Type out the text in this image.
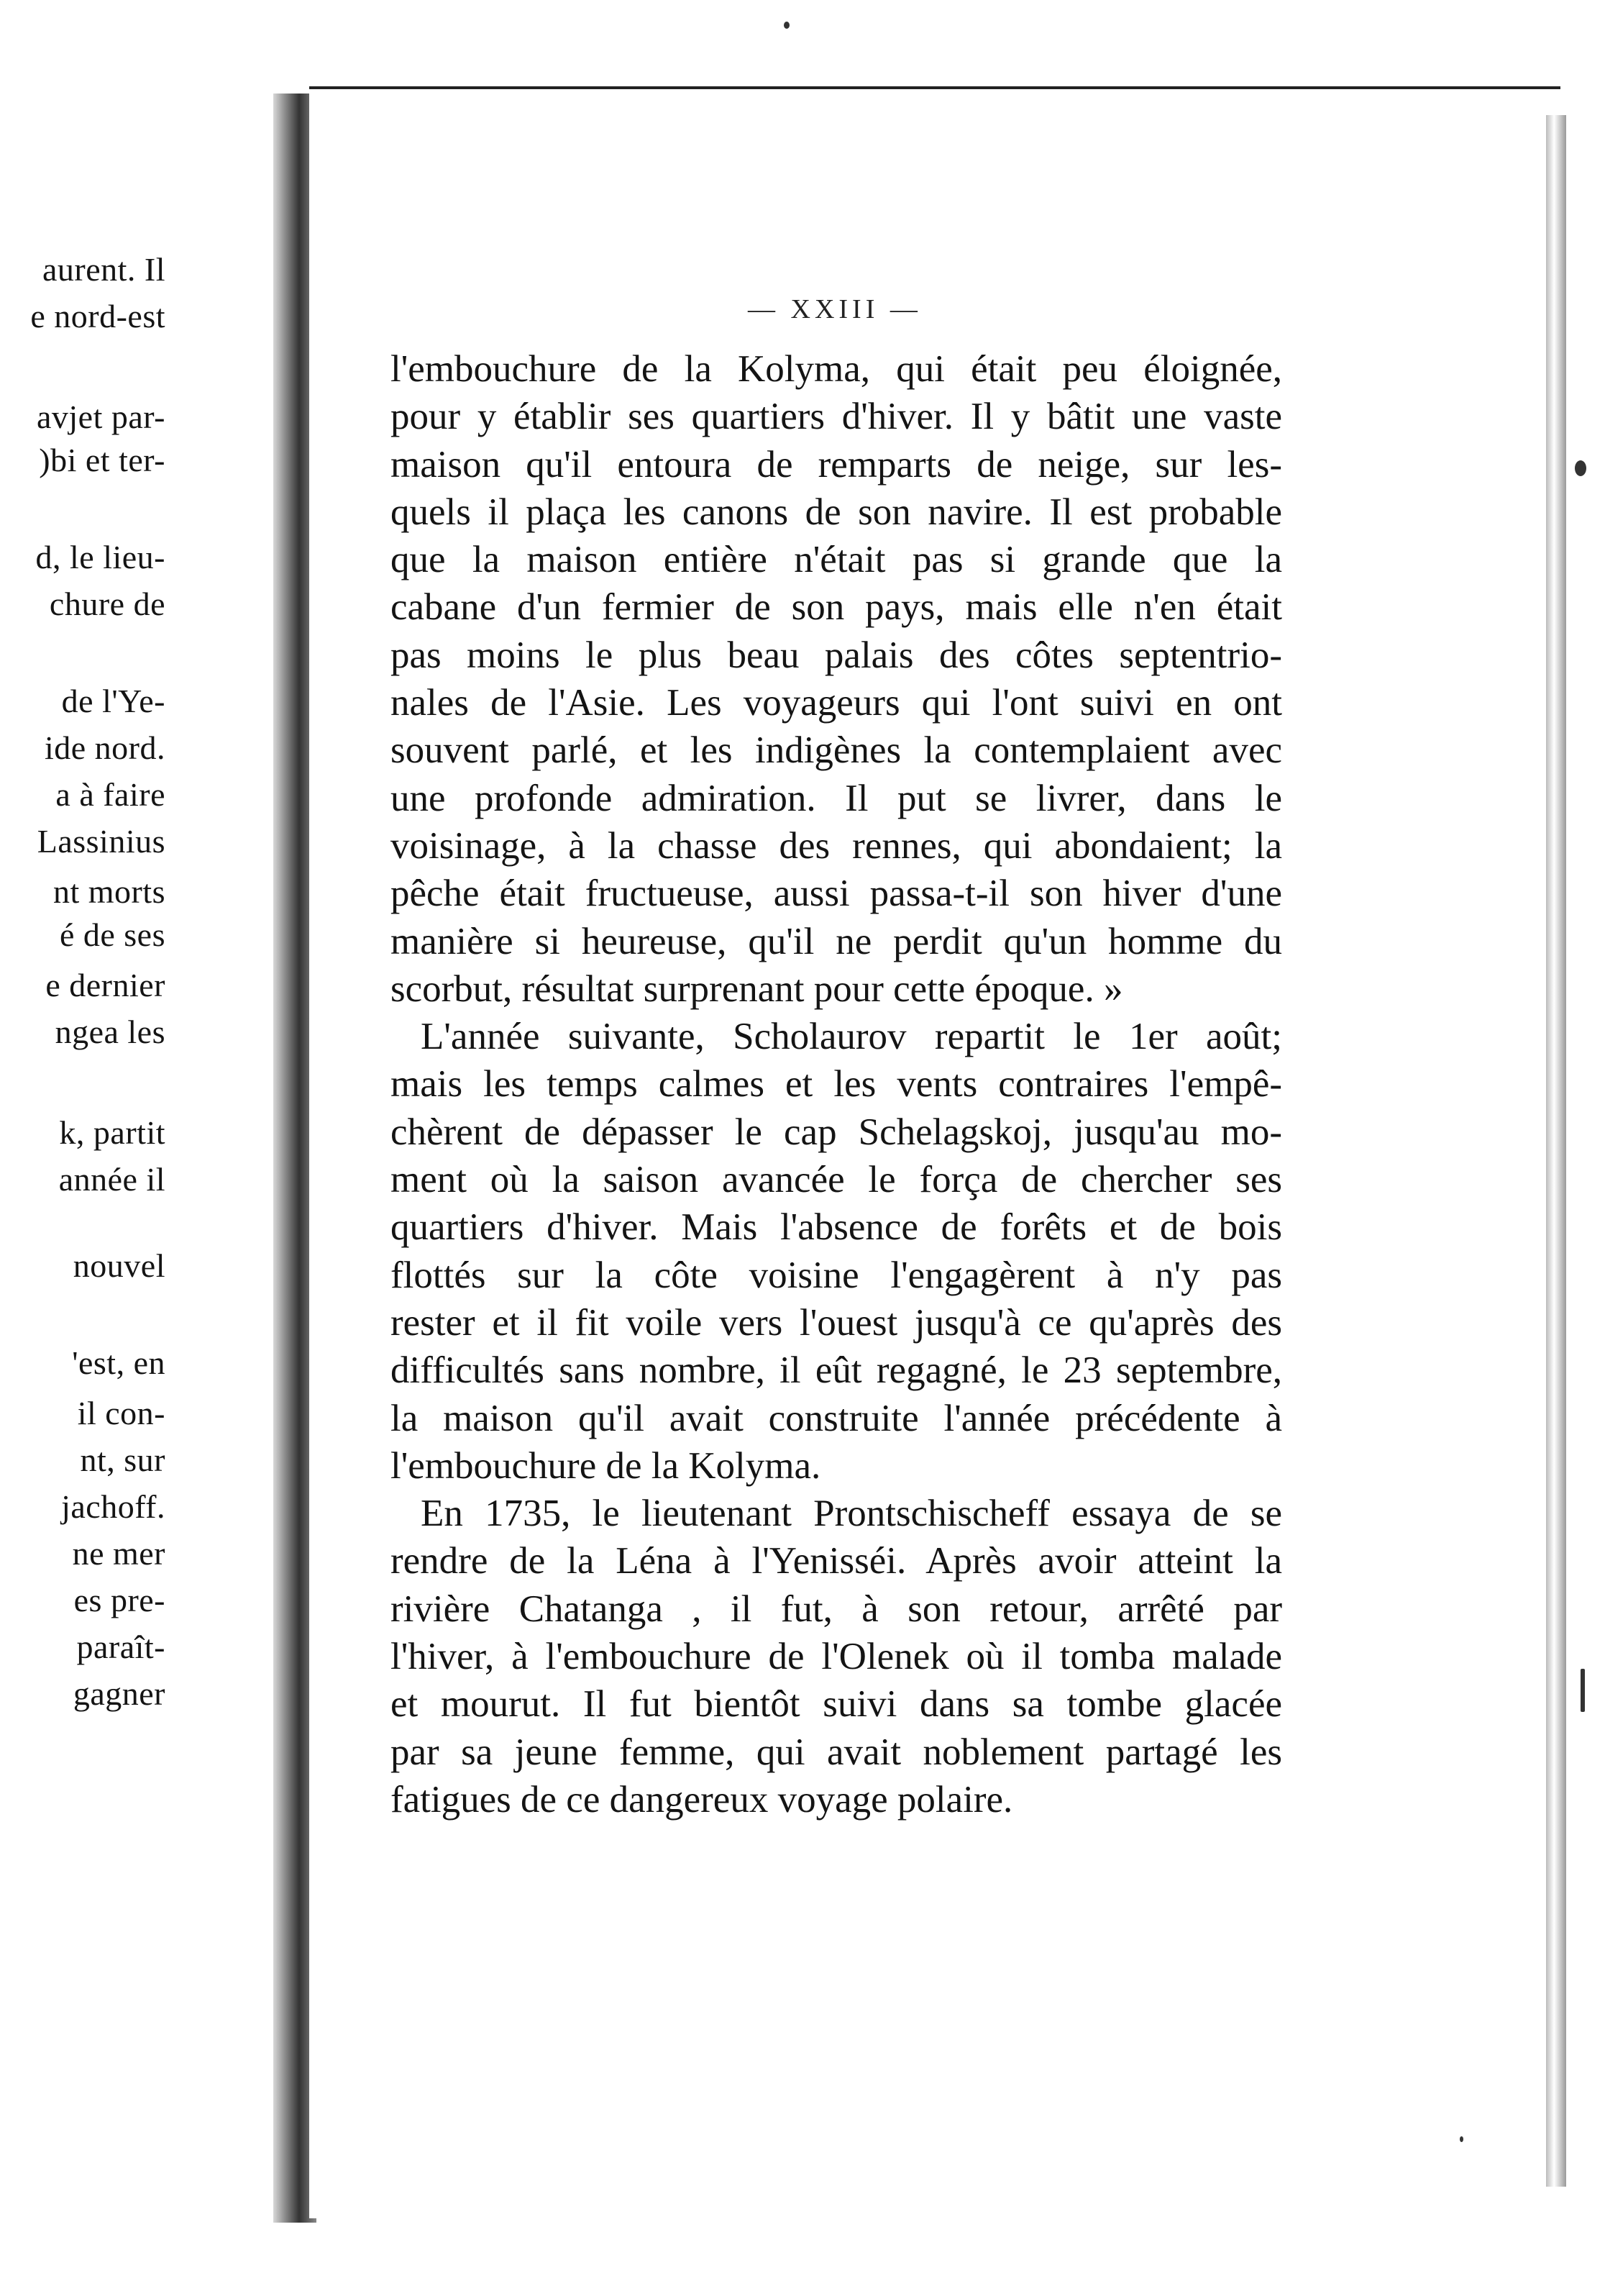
aurent. Il
e nord-est
avjet par-
)bi et ter-
d, le lieu-
chure de
de l'Ye-
ide nord.
a à faire
Lassinius
nt morts
é de ses
e dernier
ngea les
k, partit
année il
nouvel
'est, en
il con-
nt, sur
jachoff.
ne mer
es pre-
paraît-
gagner
— XXIII —
l'embouchure de la Kolyma, qui était peu éloignée,
pour y établir ses quartiers d'hiver. Il y bâtit une vaste
maison qu'il entoura de remparts de neige, sur les-
quels il plaça les canons de son navire. Il est probable
que la maison entière n'était pas si grande que la
cabane d'un fermier de son pays, mais elle n'en était
pas moins le plus beau palais des côtes septentrio-
nales de l'Asie. Les voyageurs qui l'ont suivi en ont
souvent parlé, et les indigènes la contemplaient avec
une profonde admiration. Il put se livrer, dans le
voisinage, à la chasse des rennes, qui abondaient; la
pêche était fructueuse, aussi passa-t-il son hiver d'une
manière si heureuse, qu'il ne perdit qu'un homme du
scorbut, résultat surprenant pour cette époque. »
L'année suivante, Scholaurov repartit le 1er août;
mais les temps calmes et les vents contraires l'empê-
chèrent de dépasser le cap Schelagskoj, jusqu'au mo-
ment où la saison avancée le força de chercher ses
quartiers d'hiver. Mais l'absence de forêts et de bois
flottés sur la côte voisine l'engagèrent à n'y pas
rester et il fit voile vers l'ouest jusqu'à ce qu'après des
difficultés sans nombre, il eût regagné, le 23 septembre,
la maison qu'il avait construite l'année précédente à
l'embouchure de la Kolyma.
En 1735, le lieutenant Prontschischeff essaya de se
rendre de la Léna à l'Yenisséi. Après avoir atteint la
rivière Chatanga , il fut, à son retour, arrêté par
l'hiver, à l'embouchure de l'Olenek où il tomba malade
et mourut. Il fut bientôt suivi dans sa tombe glacée
par sa jeune femme, qui avait noblement partagé les
fatigues de ce dangereux voyage polaire.
